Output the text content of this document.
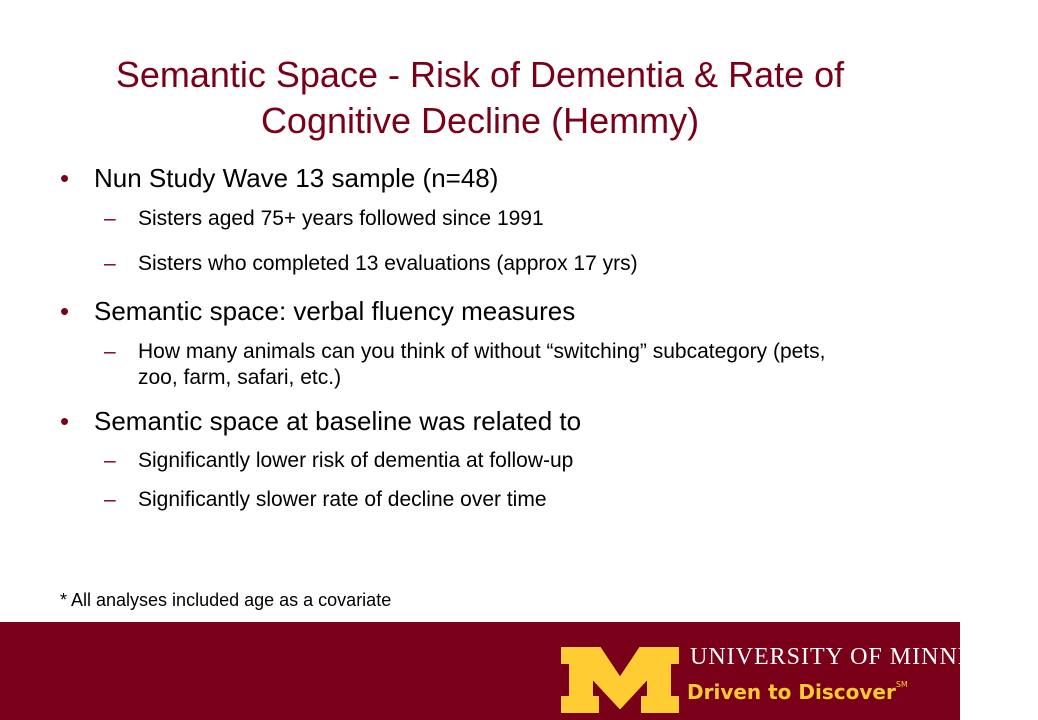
Semantic Space - Risk of Dementia & Rate of Cognitive Decline (Hemmy)
• Nun Study Wave 13 sample (n=48)
– Sisters aged 75+ years followed since 1991
– Sisters who completed 13 evaluations (approx 17 yrs)
• Semantic space: verbal fluency measures
– How many animals can you think of without “switching” subcategory (pets, zoo, farm, safari, etc.)
• Semantic space at baseline was related to
– Significantly lower risk of dementia at follow-up
– Significantly slower rate of decline over time
* All analyses included age as a covariate
UNIVERSITY OF MINNESOTA
Driven to Discover℠
